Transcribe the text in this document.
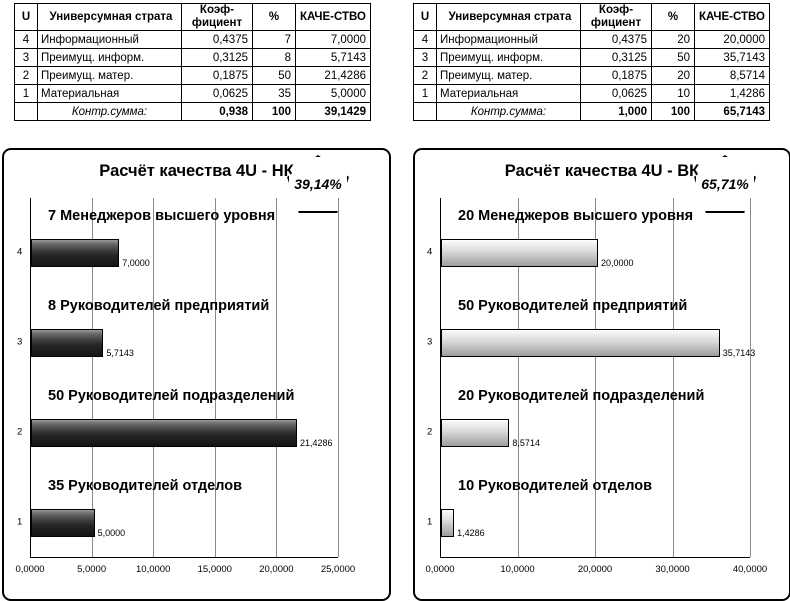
U	Универсумная страта	Коэф-фициент	%	КАЧЕ-СТВО
4	Информационный	0,4375	7	7,0000
3	Преимущ. информ.	0,3125	8	5,7143
2	Преимущ. матер.	0,1875	50	21,4286
1	Материальная	0,0625	35	5,0000
	Контр.сумма:	0,938	100	39,1429
U	Универсумная страта	Коэф-фициент	%	КАЧЕ-СТВО
4	Информационный	0,4375	20	20,0000
3	Преимущ. информ.	0,3125	50	35,7143
2	Преимущ. матер.	0,1875	20	8,5714
1	Материальная	0,0625	10	1,4286
	Контр.сумма:	1,000	100	65,7143
Расчёт качества 4U - НК
39,14%
0,0000	5,0000	10,0000	15,0000	20,0000	25,0000
7 Менеджеров высшего уровня
4
7,0000
8 Руководителей предприятий
3
5,7143
50 Руководителей подразделений
2
21,4286
35 Руководителей отделов
1
5,0000
Расчёт качества 4U - ВК
65,71%
0,0000	10,0000	20,0000	30,0000	40,0000
20 Менеджеров высшего уровня
4
20,0000
50 Руководителей предприятий
3
35,7143
20 Руководителей подразделений
2
8,5714
10 Руководителей отделов
1
1,4286
